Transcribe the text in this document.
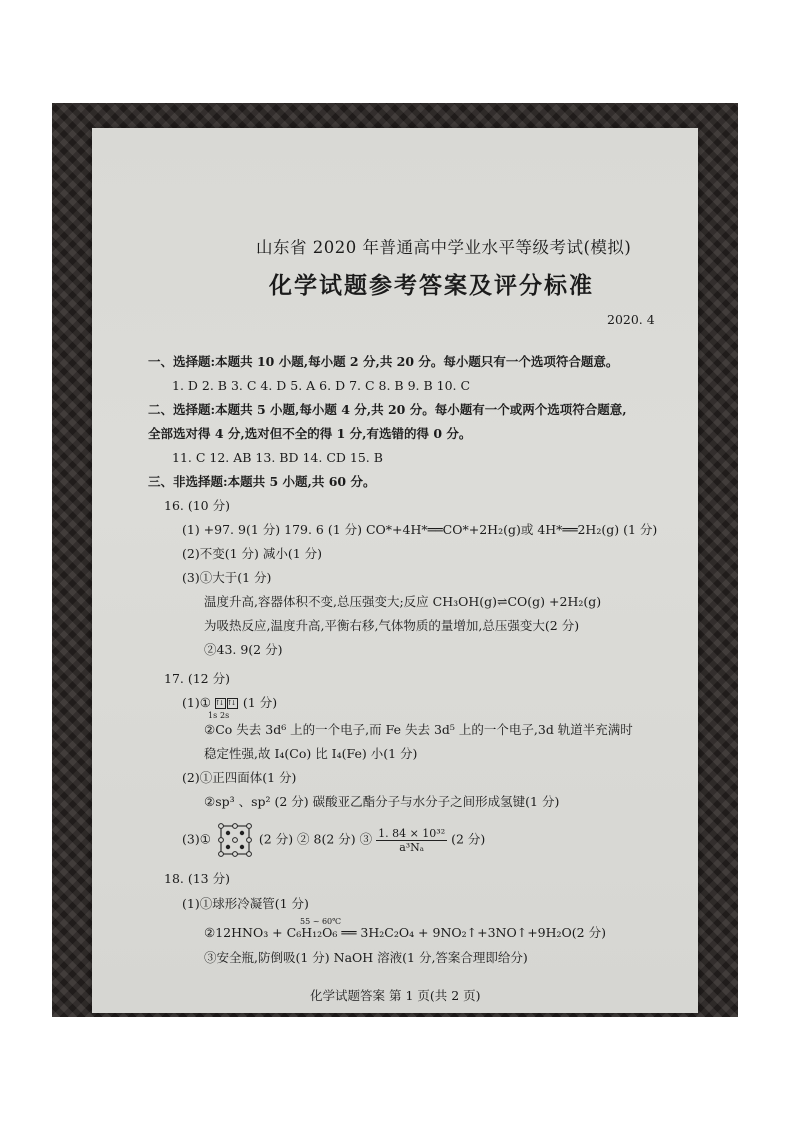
山东省 2020 年普通高中学业水平等级考试(模拟)
化学试题参考答案及评分标准
2020. 4
一、选择题:本题共 10 小题,每小题 2 分,共 20 分。每小题只有一个选项符合题意。
1. D 2. B 3. C 4. D 5. A 6. D 7. C 8. B 9. B 10. C
二、选择题:本题共 5 小题,每小题 4 分,共 20 分。每小题有一个或两个选项符合题意,
全部选对得 4 分,选对但不全的得 1 分,有选错的得 0 分。
11. C 12. AB 13. BD 14. CD 15. B
三、非选择题:本题共 5 小题,共 60 分。
16. (10 分)
(1) +97. 9(1 分) 179. 6 (1 分) CO*+4H*══CO*+2H₂(g)或 4H*══2H₂(g) (1 分)
(2)不变(1 分) 减小(1 分)
(3)①大于(1 分)
温度升高,容器体积不变,总压强变大;反应 CH₃OH(g)⇌CO(g) +2H₂(g)
为吸热反应,温度升高,平衡右移,气体物质的量增加,总压强变大(2 分)
②43. 9(2 分)
17. (12 分)
(1)① ↑↓ ↑↓	(1 分)
1s 2s
②Co 失去 3d⁶ 上的一个电子,而 Fe 失去 3d⁵ 上的一个电子,3d 轨道半充满时
稳定性强,故 I₄(Co) 比 I₄(Fe) 小(1 分)
(2)①正四面体(1 分)
②sp³ 、sp² (2 分) 碳酸亚乙酯分子与水分子之间形成氢键(1 分)
(3)①	(2 分) ② 8(2 分) ③ $\frac{\text{1. 84 × 10³²}}{\text{a³Nₐ}} (2$ 分)
18. (13 分)
(1)①球形冷凝管(1 分)
55 ~ 60℃
②12HNO₃ + C₆H₁₂O₆ ══ 3H₂C₂O₄ + 9NO₂↑+3NO↑+9H₂O(2 分)
③安全瓶,防倒吸(1 分) NaOH 溶液(1 分,答案合理即给分)
化学试题答案 第 1 页(共 2 页)
